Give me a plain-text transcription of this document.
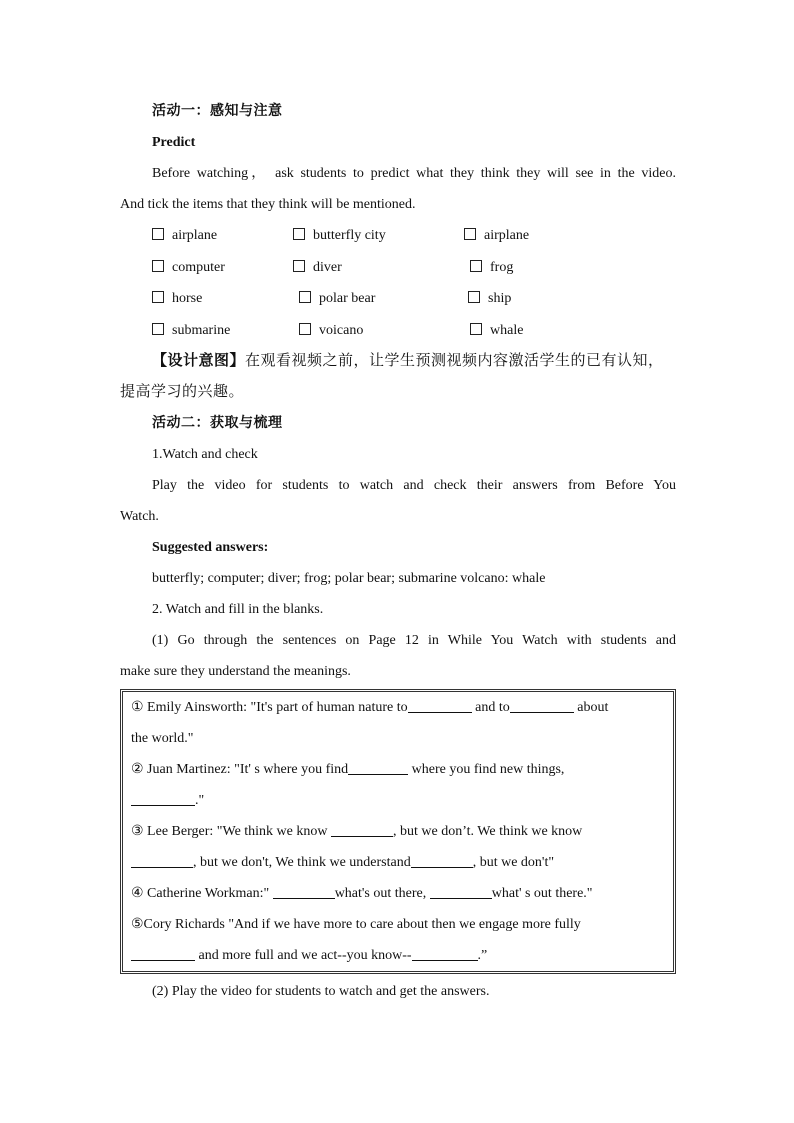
活动一：感知与注意
Predict
Before watching， ask students to predict what they think they will see in the video.
And tick the items that they think will be mentioned.
airplane	butterfly city	airplane
computer	diver	frog
horse	polar bear	ship
submarine	voicano	whale
【设计意图】在观看视频之前，让学生预测视频内容激活学生的已有认知，
提高学习的兴趣。
活动二：获取与梳理
1.Watch and check
Play the video for students to watch and check their answers from Before You
Watch.
Suggested answers:
butterfly; computer; diver; frog; polar bear; submarine volcano: whale
2. Watch and fill in the blanks.
(1) Go through the sentences on Page 12 in While You Watch with students and
make sure they understand the meanings.
① Emily Ainsworth: "It's part of human nature to	and to	about
the world."
② Juan Martinez: "It' s where you find	where you find new things,
."
③ Lee Berger: "We think we know	, but we don’t. We think we know
, but we don't, We think we understand	, but we don't"
④ Catherine Workman:"	what's out there,	what' s out there."
⑤Cory Richards "And if we have more to care about then we engage more fully
and more full and we act--you know--	.”
(2) Play the video for students to watch and get the answers.
